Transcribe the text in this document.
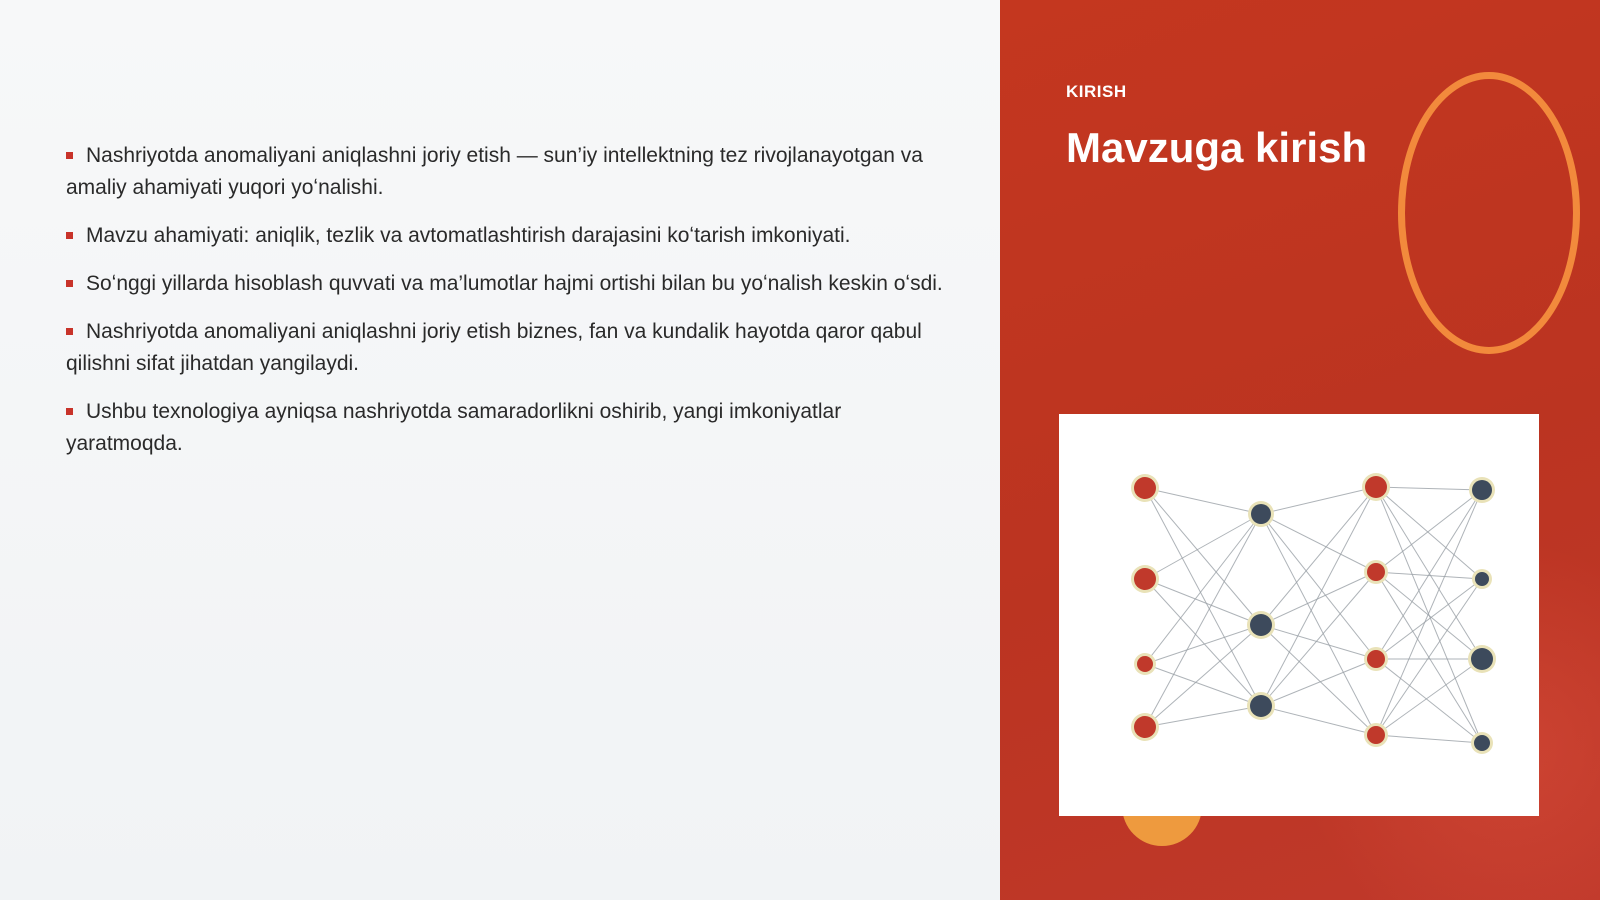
Nashriyotda anomaliyani aniqlashni joriy etish — sun’iy intellektning tez rivojlanayotgan va amaliy ahamiyati yuqori yoʻnalishi.
Mavzu ahamiyati: aniqlik, tezlik va avtomatlashtirish darajasini koʻtarish imkoniyati.
Soʻnggi yillarda hisoblash quvvati va ma’lumotlar hajmi ortishi bilan bu yoʻnalish keskin oʻsdi.
Nashriyotda anomaliyani aniqlashni joriy etish biznes, fan va kundalik hayotda qaror qabul qilishni sifat jihatdan yangilaydi.
Ushbu texnologiya ayniqsa nashriyotda samaradorlikni oshirib, yangi imkoniyatlar yaratmoqda.
KIRISH
Mavzuga kirish
